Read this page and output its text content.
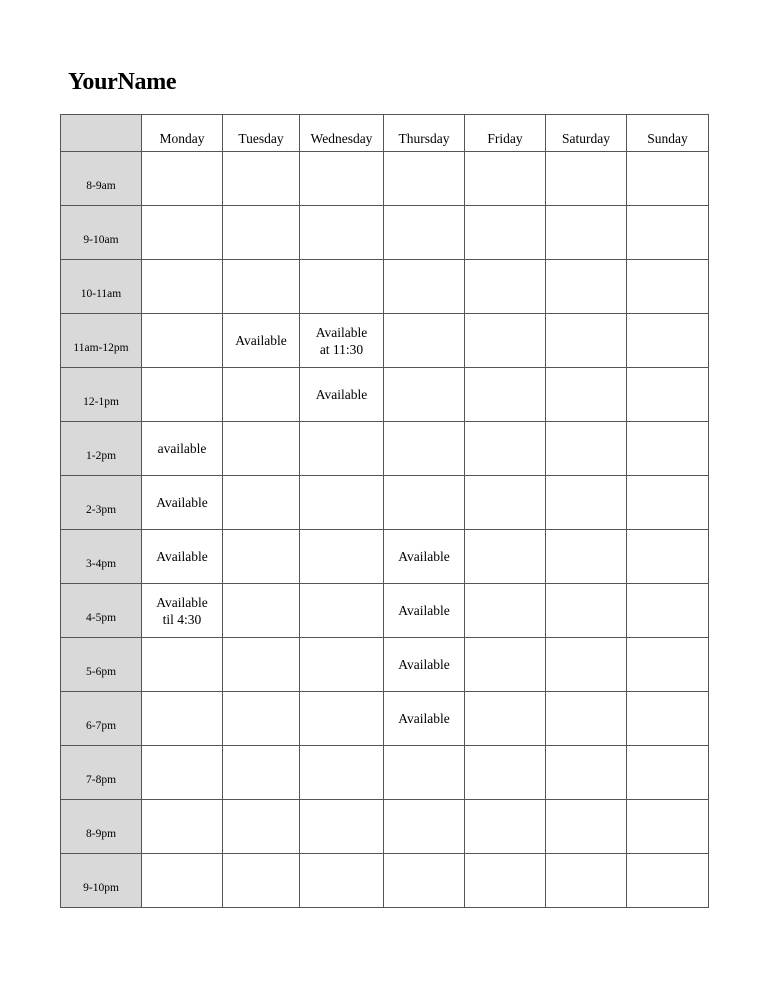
YourName
	Monday	Tuesday	Wednesday	Thursday	Friday	Saturday	Sunday
8-9am							
9-10am							
10-11am							
11am-12pm		Available	Available
at 11:30				

12-1pm			Available				

1-2pm	available						

2-3pm	Available						

3-4pm	Available			Available			

4-5pm	Available
til 4:30			Available			

5-6pm				Available			

6-7pm				Available			

7-8pm							
8-9pm							
9-10pm							
